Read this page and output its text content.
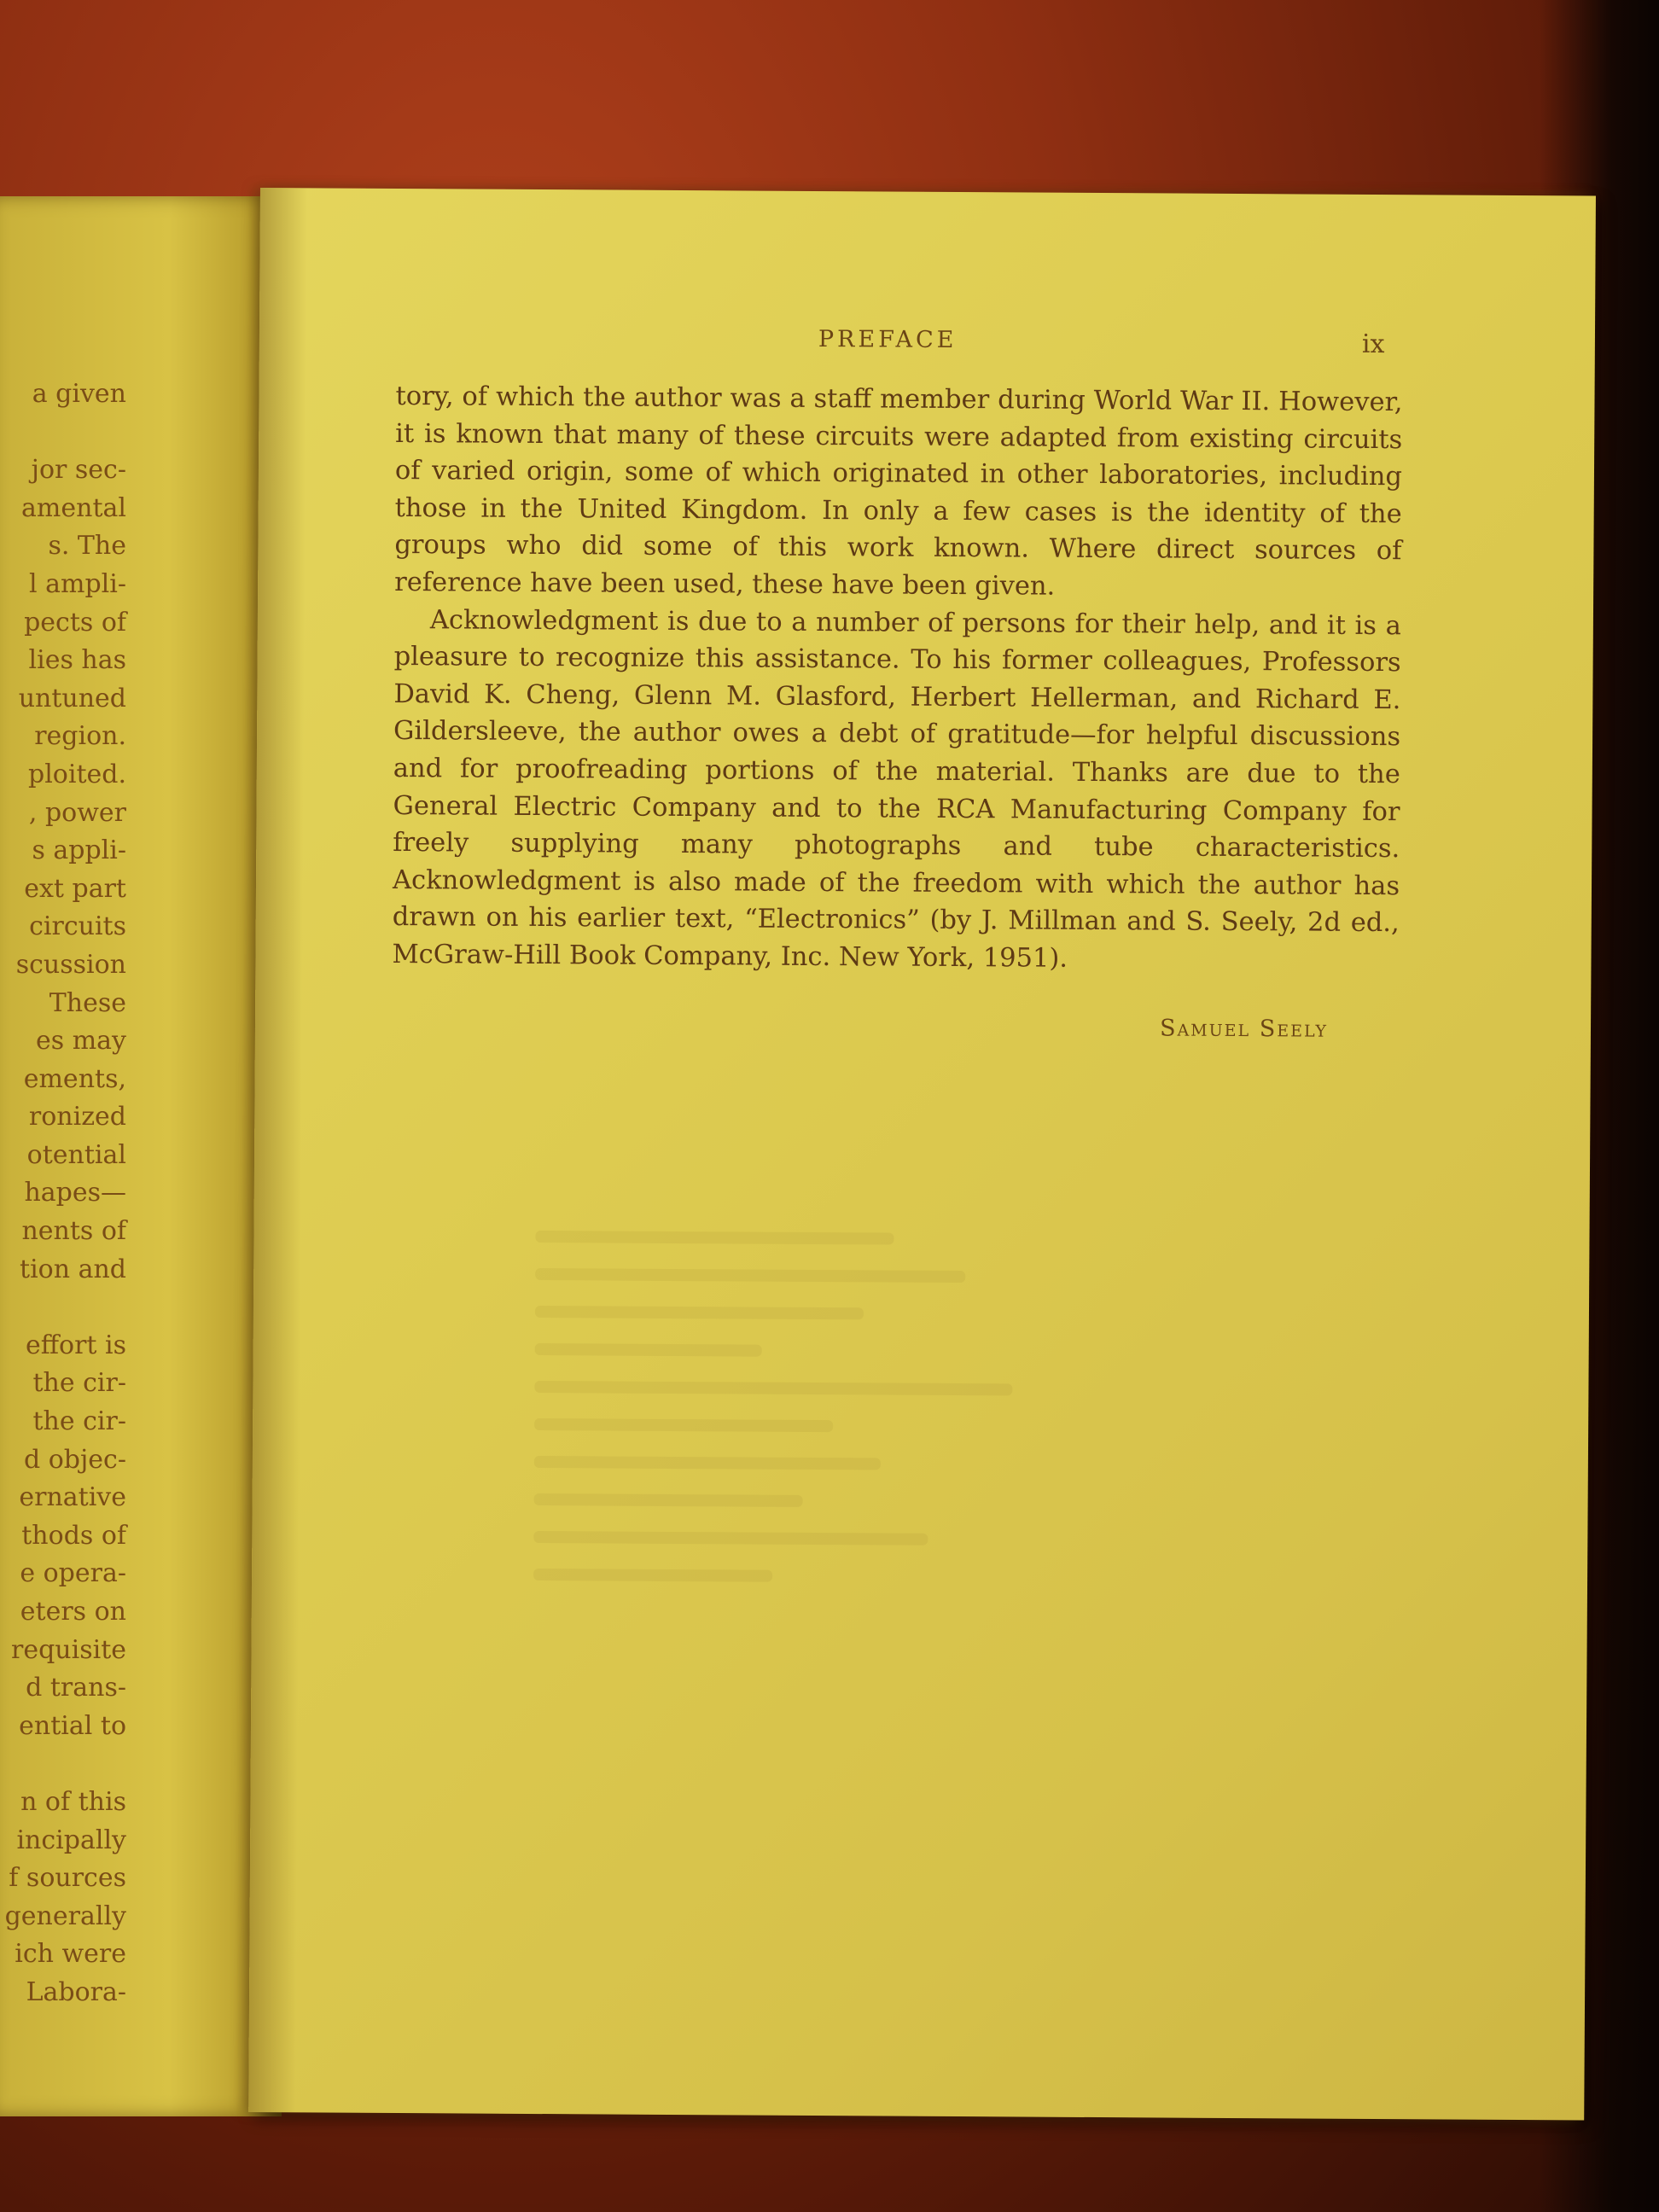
a given
jor sec-
amental
s. The
l ampli-
pects of
lies has
untuned
region.
ploited.
, power
s appli-
ext part
circuits
scussion
These
es may
ements,
ronized
otential
hapes—
nents of
tion and
effort is
the cir-
the cir-
d objec-
ernative
thods of
e opera-
eters on
requisite
d trans-
ential to
n of this
incipally
f sources
generally
ich were
Labora-
PREFACE	ix

tory, of which the author was a staff member during World War II. However, it is known that many of these circuits were adapted from existing circuits of varied origin, some of which originated in other laboratories, including those in the United Kingdom. In only a few cases is the identity of the groups who did some of this work known. Where direct sources of reference have been used, these have been given.

Acknowledgment is due to a number of persons for their help, and it is a pleasure to recognize this assistance. To his former colleagues, Professors David K. Cheng, Glenn M. Glasford, Herbert Hellerman, and Richard E. Gildersleeve, the author owes a debt of gratitude—for helpful discussions and for proofreading portions of the material. Thanks are due to the General Electric Company and to the RCA Manufacturing Company for freely supplying many photographs and tube characteristics. Acknowledgment is also made of the freedom with which the author has drawn on his earlier text, “Electronics” (by J. Millman and S. Seely, 2d ed., McGraw-Hill Book Company, Inc. New York, 1951).

Samuel Seely
